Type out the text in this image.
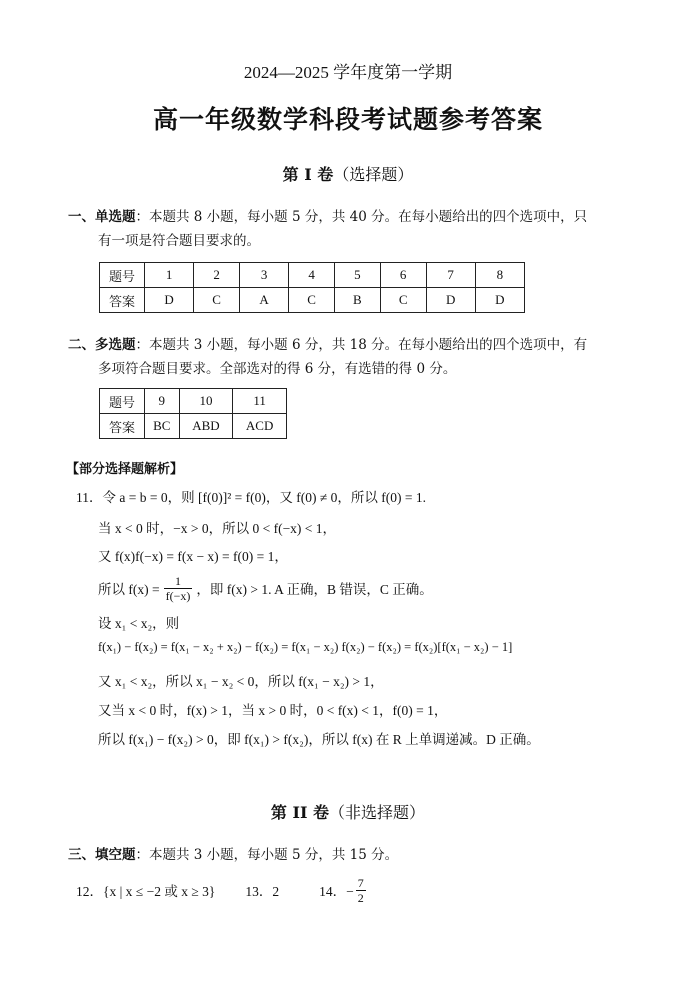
2024—2025 学年度第一学期
高一年级数学科段考试题参考答案
第 I 卷（选择题）
一、单选题：本题共 8 小题，每小题 5 分，共 40 分。在每小题给出的四个选项中，只
有一项是符合题目要求的。
题号	1	2	3	4	5	6	7	8
答案	D	C	A	C	B	C	D	D
二、多选题：本题共 3 小题，每小题 6 分，共 18 分。在每小题给出的四个选项中，有
多项符合题目要求。全部选对的得 6 分，有选错的得 0 分。
题号	9	10	11
答案	BC	ABD	ACD
【部分选择题解析】
11．令 a = b = 0，则 [f(0)]² = f(0)，又 f(0) ≠ 0，所以 f(0) = 1.
当 x < 0 时，−x > 0，所以 0 < f(−x) < 1，
又 f(x)f(−x) = f(x − x) = f(0) = 1，
所以 $f(x) = \frac{1}{f(-x)}$ ，即 f(x) > 1. A 正确，B 错误，C 正确。
设 x₁ < x₂，则
f(x₁) − f(x₂) = f(x₁ − x₂ + x₂) − f(x₂) = f(x₁ − x₂) f(x₂) − f(x₂) = f(x₂)[f(x₁ − x₂) − 1]
又 x₁ < x₂，所以 x₁ − x₂ < 0，所以 f(x₁ − x₂) > 1，
又当 x < 0 时，f(x) > 1，当 x > 0 时，0 < f(x) < 1，f(0) = 1，
所以 f(x₁) − f(x₂) > 0，即 f(x₁) > f(x₂)，所以 f(x) 在 R 上单调递减。D 正确。
第 II 卷（非选择题）
三、填空题：本题共 3 小题，每小题 5 分，共 15 分。
12．{x | x ≤ −2 或 x ≥ 3} 13．2	14．− $\frac{7}{2}$
